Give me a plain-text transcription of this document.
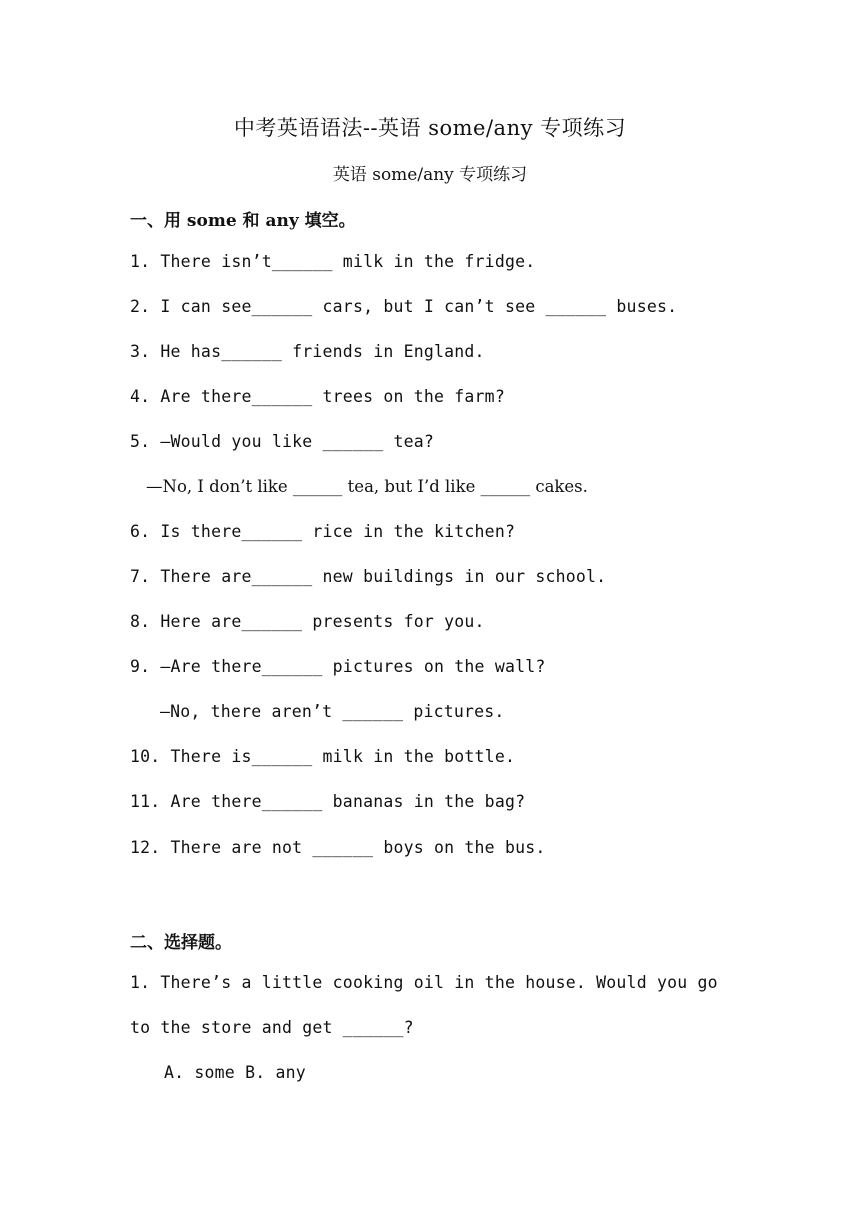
中考英语语法--英语 some/any 专项练习
英语 some/any 专项练习
一、用 some 和 any 填空。
1. There isn’t______ milk in the fridge.
2. I can see______ cars, but I can’t see ______ buses.
3. He has______ friends in England.
4. Are there______ trees on the farm?
5. —Would you like ______ tea?
—No, I don’t like ______ tea, but I’d like ______ cakes.
6. Is there______ rice in the kitchen?
7. There are______ new buildings in our school.
8. Here are______ presents for you.
9. —Are there______ pictures on the wall?
—No, there aren’t ______ pictures.
10. There is______ milk in the bottle.
11. Are there______ bananas in the bag?
12. There are not ______ boys on the bus.
二、选择题。
1. There’s a little cooking oil in the house. Would you go
to the store and get ______?
A. some B. any
